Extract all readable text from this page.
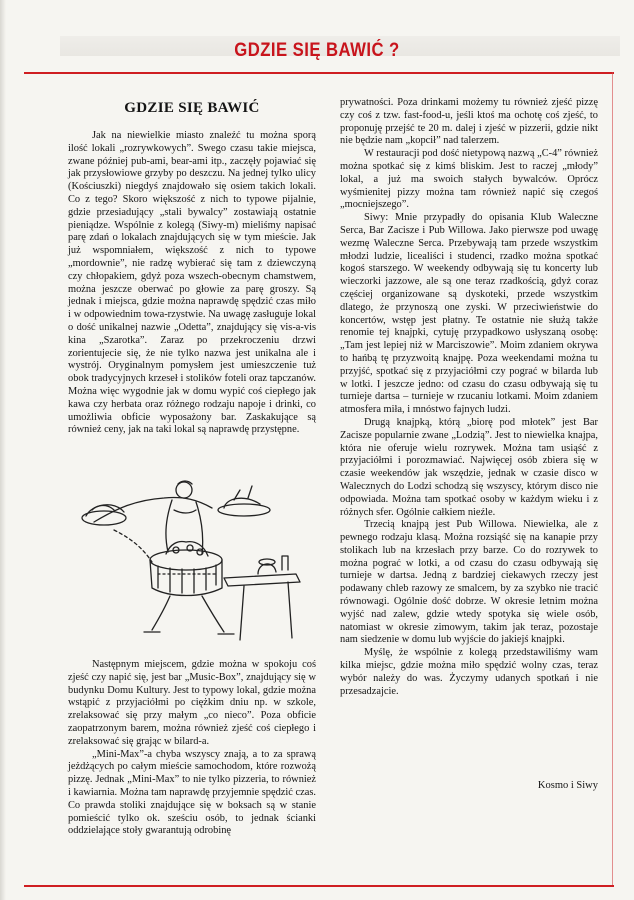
GDZIE SIĘ BAWIĆ ?
GDZIE SIĘ BAWIĆ

Jak na niewielkie miasto znaleźć tu można sporą ilość lokali „rozrywkowych”. Swego czasu takie miejsca, zwane później pub-ami, bear-ami itp., zaczęły pojawiać się jak przysłowiowe grzyby po deszczu. Na jednej tylko ulicy (Kościuszki) niegdyś znajdowało się osiem takich lokali. Co z tego? Skoro większość z nich to typowe pijalnie, gdzie przesiadujący „stali bywalcy” zostawiają ostatnie pieniądze. Wspólnie z kolegą (Siwy-m) mieliśmy napisać parę zdań o lokalach znajdujących się w tym mieście. Jak już wspomniałem, większość z nich to typowe „mordownie”, nie radzę wybierać się tam z dziewczyną czy chłopakiem, gdyż poza wszech-obecnym chamstwem, można jeszcze oberwać po głowie za parę groszy. Są jednak i miejsca, gdzie można naprawdę spędzić czas miło i w odpowiednim towa-rzystwie. Na uwagę zasługuje lokal o dość unikalnej nazwie „Odetta”, znajdujący się vis-a-vis kina „Szarotka”. Zaraz po przekroczeniu drzwi zorientujecie się, że nie tylko nazwa jest unikalna ale i wystrój. Oryginalnym pomysłem jest umieszczenie tuż obok tradycyjnych krzeseł i stolików foteli oraz tapczanów. Można więc wygodnie jak w domu wypić coś ciepłego jak kawa czy herbata oraz różnego rodzaju napoje i drinki, co umożliwia obficie wyposażony bar. Zaskakujące są również ceny, jak na taki lokal są naprawdę przystępne.

Następnym miejscem, gdzie można w spokoju coś zjeść czy napić się, jest bar „Music-Box”, znajdujący się w budynku Domu Kultury. Jest to typowy lokal, gdzie można wstąpić z przyjaciółmi po ciężkim dniu np. w szkole, zrelaksować się przy małym „co nieco”. Poza obficie zaopatrzonym barem, można również zjeść coś ciepłego i zrelaksować się grając w bilard-a.

„Mini-Max”-a chyba wszyscy znają, a to za sprawą jeżdżących po całym mieście samochodom, które rozwożą pizzę. Jednak „Mini-Max” to nie tylko pizzeria, to również i kawiarnia. Można tam naprawdę przyjemnie spędzić czas. Co prawda stoliki znajdujące się w boksach są w stanie pomieścić tylko ok. sześciu osób, to jednak ścianki oddzielające stoły gwarantują odrobinę

prywatności. Poza drinkami możemy tu również zjeść pizzę czy coś z tzw. fast-food-u, jeśli ktoś ma ochotę coś zjeść, to proponuję przejść te 20 m. dalej i zjeść w pizzerii, gdzie nikt nie będzie nam „kopcił” nad talerzem.

W restauracji pod dość nietypową nazwą „C-4” również można spotkać się z kimś bliskim. Jest to raczej „młody” lokal, a już ma swoich stałych bywalców. Oprócz wyśmienitej pizzy można tam również napić się czegoś „mocniejszego”.

Siwy: Mnie przypadły do opisania Klub Waleczne Serca, Bar Zacisze i Pub Willowa. Jako pierwsze pod uwagę wezmę Waleczne Serca. Przebywają tam przede wszystkim młodzi ludzie, licealiści i studenci, rzadko można spotkać kogoś starszego. W weekendy odbywają się tu koncerty lub wieczorki jazzowe, ale są one teraz rzadkością, gdyż coraz częściej organizowane są dyskoteki, przede wszystkim dlatego, że przynoszą one zyski. W przeciwieństwie do koncertów, wstęp jest płatny. Te ostatnie nie służą także renomie tej knajpki, cytuję przypadkowo usłyszaną osobę: „Tam jest lepiej niż w Marciszowie”. Moim zdaniem okrywa to hańbą tę przyzwoitą knajpę. Poza weekendami można tu przyjść, spotkać się z przyjaciółmi czy pograć w bilarda lub w lotki. I jeszcze jedno: od czasu do czasu odbywają się tu turnieje dartsa – turnieje w rzucaniu lotkami. Moim zdaniem atmosfera miła, i mnóstwo fajnych ludzi.

Drugą knajpką, którą „biorę pod młotek” jest Bar Zacisze popularnie zwane „Lodzią”. Jest to niewielka knajpa, która nie oferuje wielu rozrywek. Można tam usiąść z przyjaciółmi i porozmawiać. Najwięcej osób zbiera się w czasie weekendów jak wszędzie, jednak w czasie disco w Walecznych do Lodzi schodzą się wszyscy, którym disco nie odpowiada. Można tam spotkać osoby w każdym wieku i z różnych sfer. Ogólnie całkiem nieźle.

Trzecią knajpą jest Pub Willowa. Niewielka, ale z pewnego rodzaju klasą. Można rozsiąść się na kanapie przy stolikach lub na krzesłach przy barze. Co do rozrywek to można pograć w lotki, a od czasu do czasu odbywają się turnieje w dartsa. Jedną z bardziej ciekawych rzeczy jest podawany chleb razowy ze smalcem, by za szybko nie tracić równowagi. Ogólnie dość dobrze. W okresie letnim można wyjść nad zalew, gdzie wtedy spotyka się wiele osób, natomiast w okresie zimowym, takim jak teraz, pozostaje nam siedzenie w domu lub wyjście do jakiejś knajpki.

Myślę, że wspólnie z kolegą przedstawiliśmy wam kilka miejsc, gdzie można miło spędzić wolny czas, teraz wybór należy do was. Życzymy udanych spotkań i nie przesadzajcie.

Kosmo i Siwy
